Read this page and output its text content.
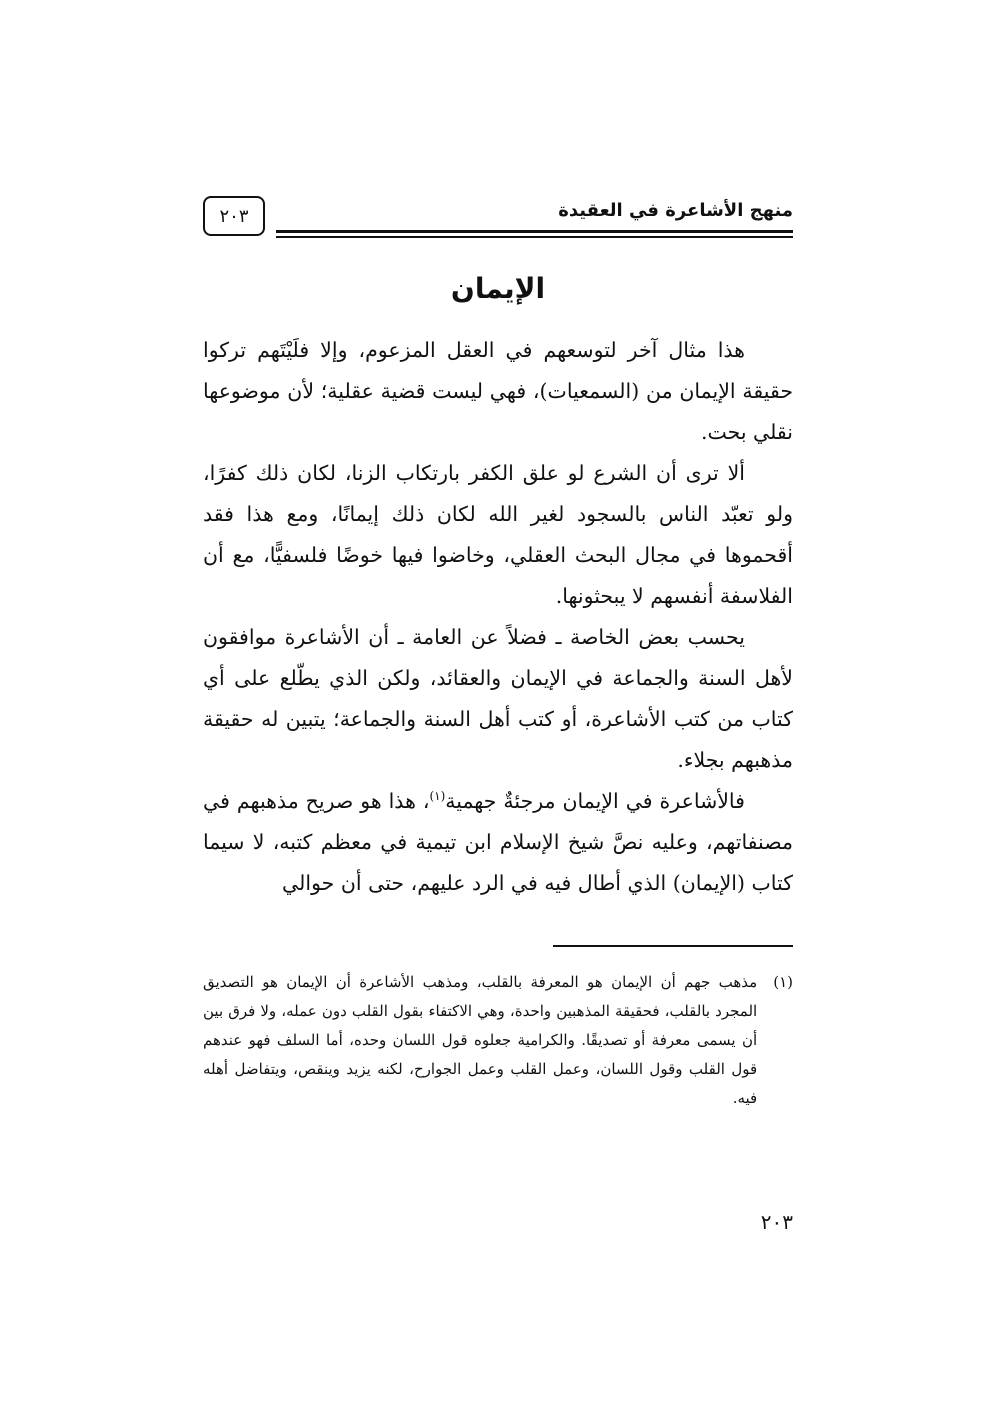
٢٠٣	منهج الأشاعرة في العقيدة
الإيمان

هذا مثال آخر لتوسعهم في العقل المزعوم، وإلا فلَيْتَهم تركوا حقيقة الإيمان من (السمعيات)، فهي ليست قضية عقلية؛ لأن موضوعها نقلي بحت.

ألا ترى أن الشرع لو علق الكفر بارتكاب الزنا، لكان ذلك كفرًا، ولو تعبّد الناس بالسجود لغير الله لكان ذلك إيمانًا، ومع هذا فقد أقحموها في مجال البحث العقلي، وخاضوا فيها خوضًا فلسفيًّا، مع أن الفلاسفة أنفسهم لا يبحثونها.

يحسب بعض الخاصة ـ فضلاً عن العامة ـ أن الأشاعرة موافقون لأهل السنة والجماعة في الإيمان والعقائد، ولكن الذي يطّلع على أي كتاب من كتب الأشاعرة، أو كتب أهل السنة والجماعة؛ يتبين له حقيقة مذهبهم بجلاء.

فالأشاعرة في الإيمان مرجئةٌ جهمية$^{(١)}$، هذا هو صريح مذهبهم في مصنفاتهم، وعليه نصَّ شيخ الإسلام ابن تيمية في معظم كتبه، لا سيما كتاب (الإيمان) الذي أطال فيه في الرد عليهم، حتى أن حوالي

(١)
مذهب جهم أن الإيمان هو المعرفة بالقلب، ومذهب الأشاعرة أن الإيمان هو التصديق المجرد بالقلب، فحقيقة المذهبين واحدة، وهي الاكتفاء بقول القلب دون عمله، ولا فرق بين أن يسمى معرفة أو تصديقًا. والكرامية جعلوه قول اللسان وحده، أما السلف فهو عندهم قول القلب وقول اللسان، وعمل القلب وعمل الجوارح، لكنه يزيد وينقص، ويتفاضل أهله فيه.
٢٠٣
